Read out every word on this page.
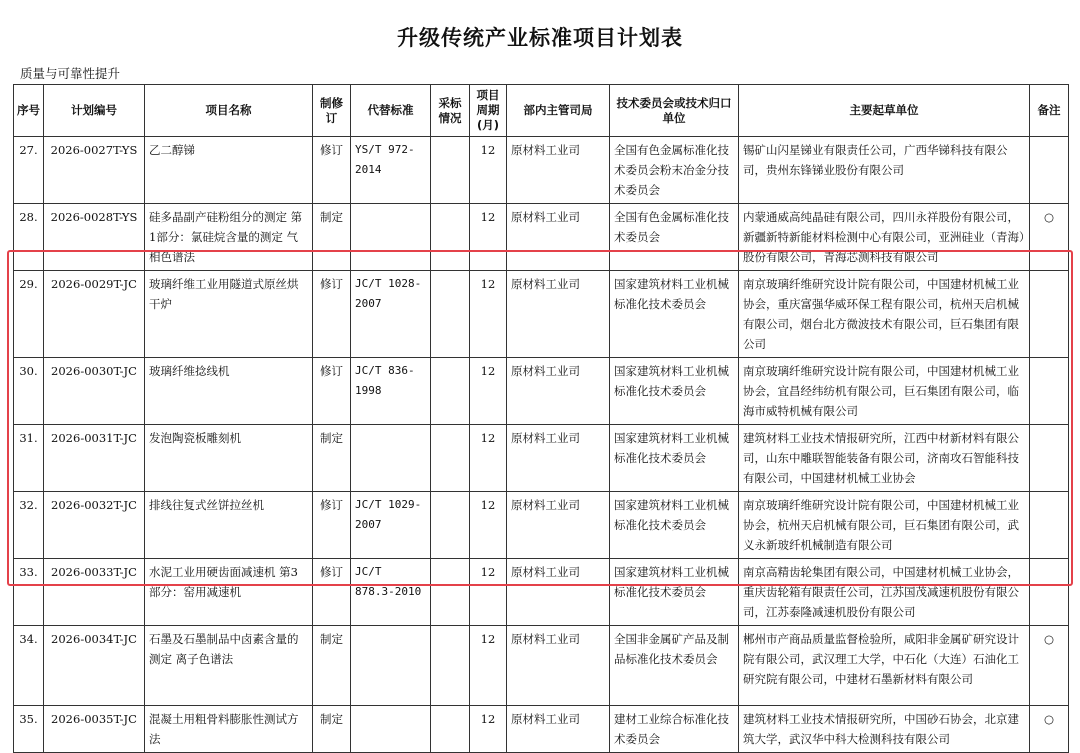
升级传统产业标准项目计划表
质量与可靠性提升
序号	计划编号	项目名称	制修订	代替标准	采标情况	项目周期(月)	部内主管司局	技术委员会或技术归口单位	主要起草单位	备注
27.	2026-0027T-YS	乙二醇锑	修订	YS/T 972-2014		12	原材料工业司	全国有色金属标准化技术委员会粉末冶金分技术委员会	锡矿山闪星锑业有限责任公司，广西华锑科技有限公司，贵州东锋锑业股份有限公司	
28.	2026-0028T-YS	硅多晶副产硅粉组分的测定 第1部分：氯硅烷含量的测定 气相色谱法	制定			12	原材料工业司	全国有色金属标准化技术委员会	内蒙通威高纯晶硅有限公司，四川永祥股份有限公司，新疆新特新能材料检测中心有限公司，亚洲硅业（青海）股份有限公司，青海芯测科技有限公司	○
29.	2026-0029T-JC	玻璃纤维工业用隧道式原丝烘干炉	修订	JC/T 1028-2007		12	原材料工业司	国家建筑材料工业机械标准化技术委员会	南京玻璃纤维研究设计院有限公司，中国建材机械工业协会，重庆富强华威环保工程有限公司，杭州天启机械有限公司，烟台北方微波技术有限公司，巨石集团有限公司	
30.	2026-0030T-JC	玻璃纤维捻线机	修订	JC/T 836-1998		12	原材料工业司	国家建筑材料工业机械标准化技术委员会	南京玻璃纤维研究设计院有限公司，中国建材机械工业协会，宜昌经纬纺机有限公司，巨石集团有限公司，临海市威特机械有限公司	
31.	2026-0031T-JC	发泡陶瓷板雕刻机	制定			12	原材料工业司	国家建筑材料工业机械标准化技术委员会	建筑材料工业技术情报研究所，江西中材新材料有限公司，山东中雕联智能装备有限公司，济南攻石智能科技有限公司，中国建材机械工业协会	
32.	2026-0032T-JC	排线往复式丝饼拉丝机	修订	JC/T 1029-2007		12	原材料工业司	国家建筑材料工业机械标准化技术委员会	南京玻璃纤维研究设计院有限公司，中国建材机械工业协会，杭州天启机械有限公司，巨石集团有限公司，武义永新玻纤机械制造有限公司	
33.	2026-0033T-JC	水泥工业用硬齿面减速机 第3部分：窑用减速机	修订	JC/T 878.3-2010		12	原材料工业司	国家建筑材料工业机械标准化技术委员会	南京高精齿轮集团有限公司，中国建材机械工业协会，重庆齿轮箱有限责任公司，江苏国茂减速机股份有限公司，江苏泰隆减速机股份有限公司	
34.	2026-0034T-JC	石墨及石墨制品中卤素含量的测定 离子色谱法	制定			12	原材料工业司	全国非金属矿产品及制品标准化技术委员会	郴州市产商品质量监督检验所，咸阳非金属矿研究设计院有限公司，武汉理工大学，中石化（大连）石油化工研究院有限公司，中建材石墨新材料有限公司	○
35.	2026-0035T-JC	混凝土用粗骨料膨胀性测试方法	制定			12	原材料工业司	建材工业综合标准化技术委员会	建筑材料工业技术情报研究所，中国砂石协会，北京建筑大学，武汉华中科大检测科技有限公司	○
